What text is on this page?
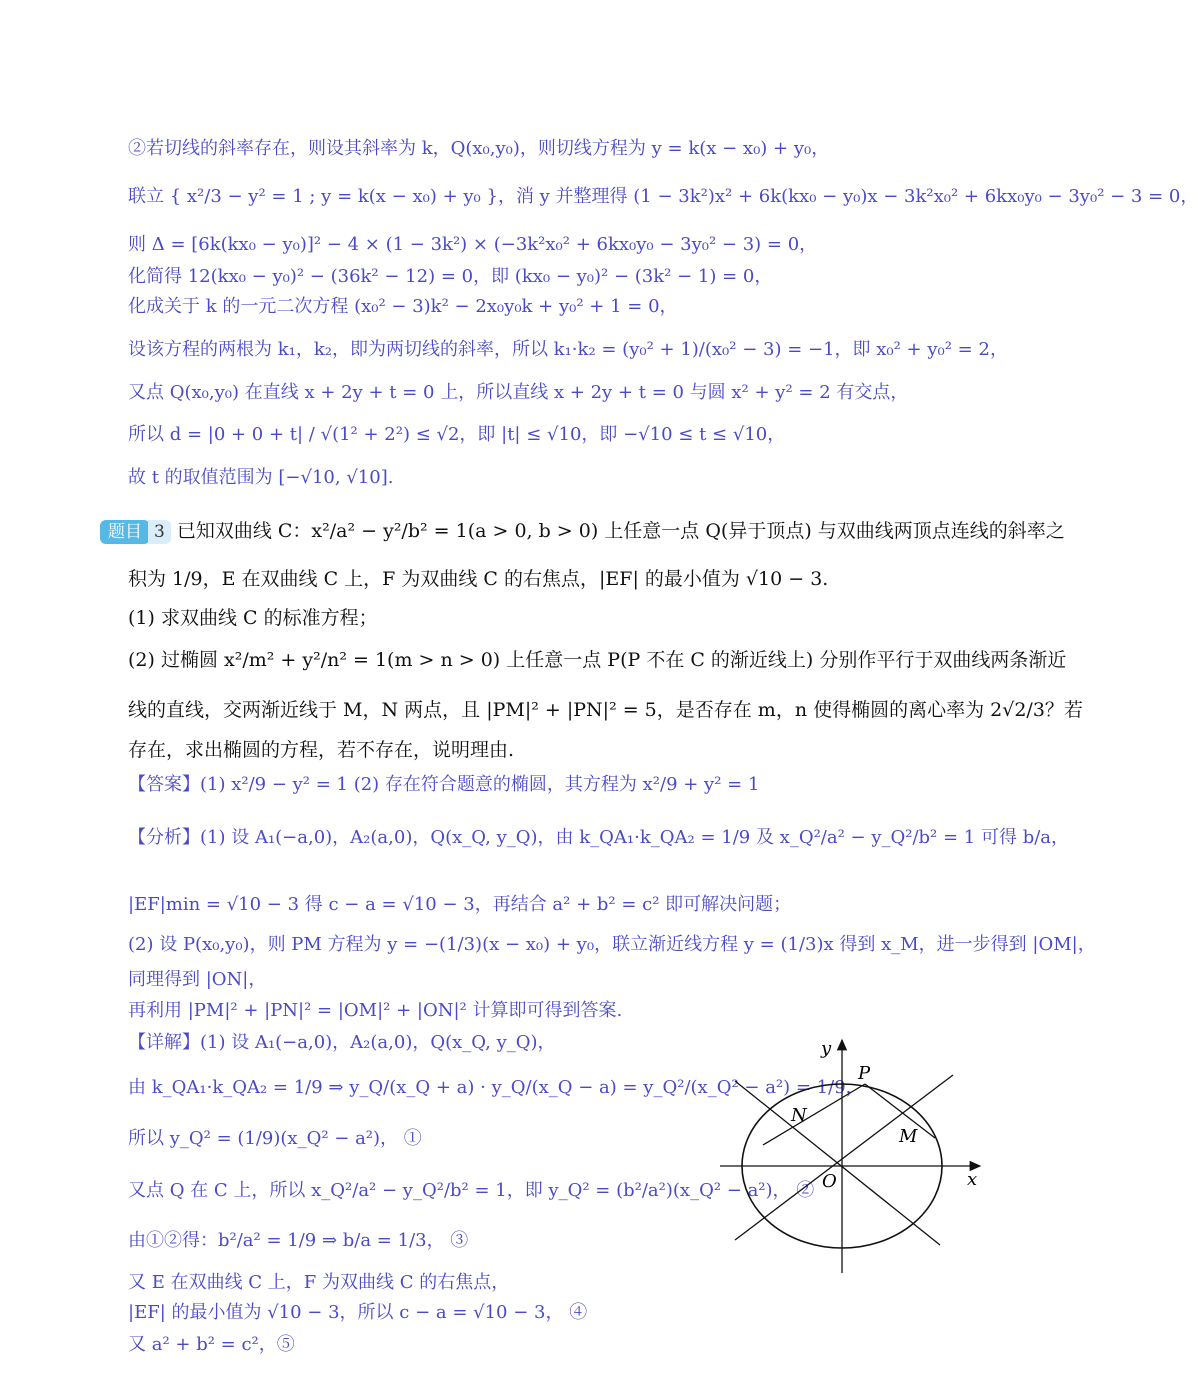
②若切线的斜率存在，则设其斜率为 k，Q(x₀,y₀)，则切线方程为 y = k(x − x₀) + y₀，
联立 { x²/3 − y² = 1 ; y = k(x − x₀) + y₀ }，消 y 并整理得 (1 − 3k²)x² + 6k(kx₀ − y₀)x − 3k²x₀² + 6kx₀y₀ − 3y₀² − 3 = 0，
则 Δ = [6k(kx₀ − y₀)]² − 4 × (1 − 3k²) × (−3k²x₀² + 6kx₀y₀ − 3y₀² − 3) = 0，
化简得 12(kx₀ − y₀)² − (36k² − 12) = 0，即 (kx₀ − y₀)² − (3k² − 1) = 0，
化成关于 k 的一元二次方程 (x₀² − 3)k² − 2x₀y₀k + y₀² + 1 = 0，
设该方程的两根为 k₁，k₂，即为两切线的斜率，所以 k₁·k₂ = (y₀² + 1)/(x₀² − 3) = −1，即 x₀² + y₀² = 2，
又点 Q(x₀,y₀) 在直线 x + 2y + t = 0 上，所以直线 x + 2y + t = 0 与圆 x² + y² = 2 有交点，
所以 d = |0 + 0 + t| / √(1² + 2²) ≤ √2，即 |t| ≤ √10，即 −√10 ≤ t ≤ √10，
故 t 的取值范围为 [−√10, √10].
题目 3 已知双曲线 C：x²/a² − y²/b² = 1(a > 0, b > 0) 上任意一点 Q(异于顶点) 与双曲线两顶点连线的斜率之
积为 1/9，E 在双曲线 C 上，F 为双曲线 C 的右焦点，|EF| 的最小值为 √10 − 3.
(1) 求双曲线 C 的标准方程；
(2) 过椭圆 x²/m² + y²/n² = 1(m > n > 0) 上任意一点 P(P 不在 C 的渐近线上) 分别作平行于双曲线两条渐近
线的直线，交两渐近线于 M，N 两点，且 |PM|² + |PN|² = 5，是否存在 m，n 使得椭圆的离心率为 2√2/3？若
存在，求出椭圆的方程，若不存在，说明理由.
【答案】(1) x²/9 − y² = 1 (2) 存在符合题意的椭圆，其方程为 x²/9 + y² = 1
【分析】(1) 设 A₁(−a,0)，A₂(a,0)，Q(x_Q, y_Q)，由 k_QA₁·k_QA₂ = 1/9 及 x_Q²/a² − y_Q²/b² = 1 可得 b/a，
|EF|min = √10 − 3 得 c − a = √10 − 3，再结合 a² + b² = c² 即可解决问题；
(2) 设 P(x₀,y₀)，则 PM 方程为 y = −(1/3)(x − x₀) + y₀，联立渐近线方程 y = (1/3)x 得到 x_M，进一步得到 |OM|，
同理得到 |ON|，
再利用 |PM|² + |PN|² = |OM|² + |ON|² 计算即可得到答案.
【详解】(1) 设 A₁(−a,0)，A₂(a,0)，Q(x_Q, y_Q)，
由 k_QA₁·k_QA₂ = 1/9 ⇒ y_Q/(x_Q + a) · y_Q/(x_Q − a) = y_Q²/(x_Q² − a²) = 1/9，
所以 y_Q² = (1/9)(x_Q² − a²)， ①
又点 Q 在 C 上，所以 x_Q²/a² − y_Q²/b² = 1，即 y_Q² = (b²/a²)(x_Q² − a²)， ②
由①②得：b²/a² = 1/9 ⇒ b/a = 1/3， ③
又 E 在双曲线 C 上，F 为双曲线 C 的右焦点，
|EF| 的最小值为 √10 − 3，所以 c − a = √10 − 3， ④
又 a² + b² = c²，⑤
y
x
O
P
N
M
